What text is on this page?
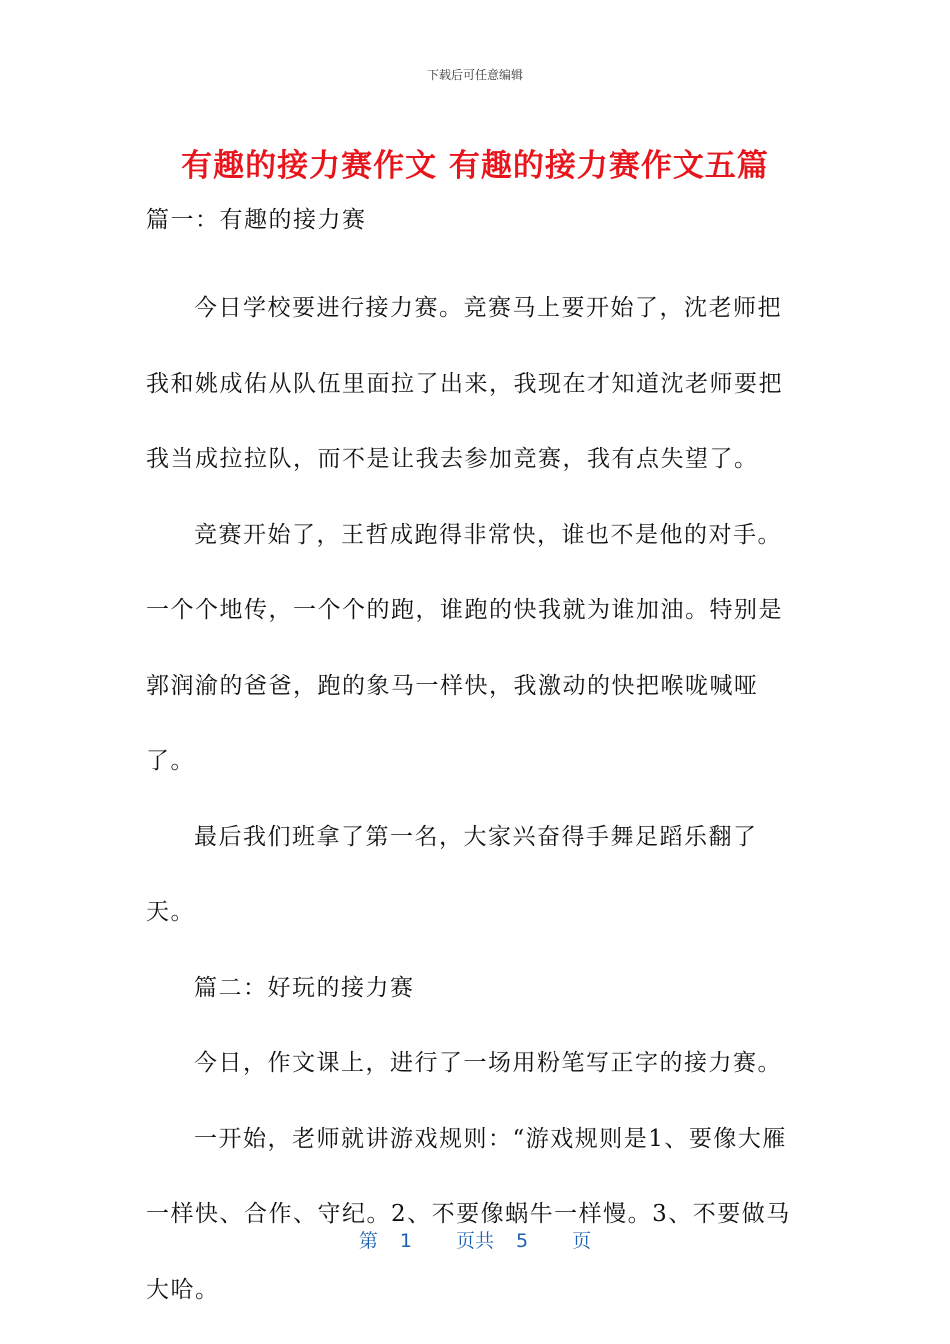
下载后可任意编辑
有趣的接力赛作文 有趣的接力赛作文五篇

篇一：有趣的接力赛

今日学校要进行接力赛。竞赛马上要开始了，沈老师把我和姚成佑从队伍里面拉了出来，我现在才知道沈老师要把我当成拉拉队，而不是让我去参加竞赛，我有点失望了。

竞赛开始了，王哲成跑得非常快，谁也不是他的对手。一个个地传，一个个的跑，谁跑的快我就为谁加油。特别是郭润渝的爸爸，跑的象马一样快，我激动的快把喉咙喊哑了。

最后我们班拿了第一名，大家兴奋得手舞足蹈乐翻了天。

篇二：好玩的接力赛

今日，作文课上，进行了一场用粉笔写正字的接力赛。

一开始，老师就讲游戏规则：“游戏规则是1、要像大雁一样快、合作、守纪。2、不要像蜗牛一样慢。3、不要做马大哈。

第 1 页共 5 页
